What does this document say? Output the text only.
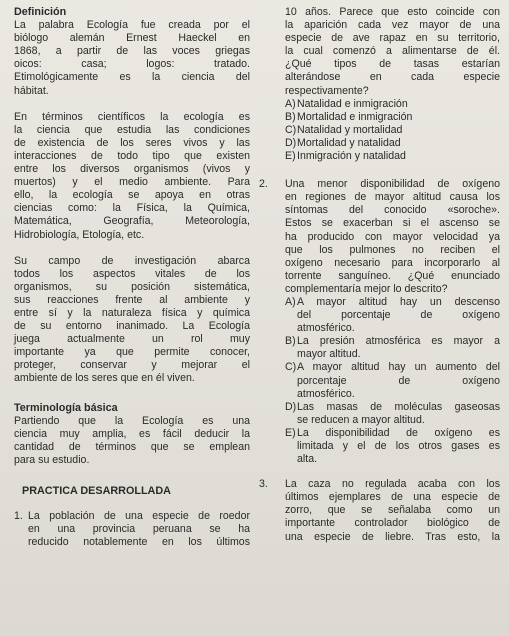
Definición

La palabra Ecología fue creada por el

biólogo alemán Ernest Haeckel en

1868, a partir de las voces griegas

oicos: casa; logos: tratado.

Etimológicamente es la ciencia del

hábitat.

En términos científicos la ecología es

la ciencia que estudia las condiciones

de existencia de los seres vivos y las

interacciones de todo tipo que existen

entre los diversos organismos (vivos y

muertos) y el medio ambiente. Para

ello, la ecología se apoya en otras

ciencias como: la Física, la Química,

Matemática, Geografía, Meteorología,

Hidrobiología, Etología, etc.

Su campo de investigación abarca

todos los aspectos vitales de los

organismos, su posición sistemática,

sus reacciones frente al ambiente y

entre sí y la naturaleza física y química

de su entorno inanimado. La Ecología

juega actualmente un rol muy

importante ya que permite conocer,

proteger, conservar y mejorar el

ambiente de los seres que en él viven.

Terminología básica

Partiendo que la Ecología es una

ciencia muy amplia, es fácil deducir la

cantidad de términos que se emplean

para su estudio.

PRACTICA DESARROLLADA

1. La población de una especie de roedor

en una provincia peruana se ha

reducido notablemente en los últimos

10 años. Parece que esto coincide con

la aparición cada vez mayor de una

especie de ave rapaz en su territorio,

la cual comenzó a alimentarse de él.

¿Qué tipos de tasas estarían

alterándose en cada especie

respectivamente?

A) Natalidad e inmigración

B) Mortalidad e inmigración

C) Natalidad y mortalidad

D) Mortalidad y natalidad

E) Inmigración y natalidad

2. Una menor disponibilidad de oxígeno

en regiones de mayor altitud causa los

síntomas del conocido «soroche».

Estos se exacerban si el ascenso se

ha producido con mayor velocidad ya

que los pulmones no reciben el

oxígeno necesario para incorporarlo al

torrente sanguíneo. ¿Qué enunciado

complementaría mejor lo descrito?

A) A mayor altitud hay un descenso

del porcentaje de oxígeno

atmosférico.

B) La presión atmosférica es mayor a

mayor altitud.

C) A mayor altitud hay un aumento del

porcentaje de oxígeno

atmosférico.

D) Las masas de moléculas gaseosas

se reducen a mayor altitud.

E) La disponibilidad de oxígeno es

limitada y el de los otros gases es

alta.

3. La caza no regulada acaba con los

últimos ejemplares de una especie de

zorro, que se señalaba como un

importante controlador biológico de

una especie de liebre. Tras esto, la
